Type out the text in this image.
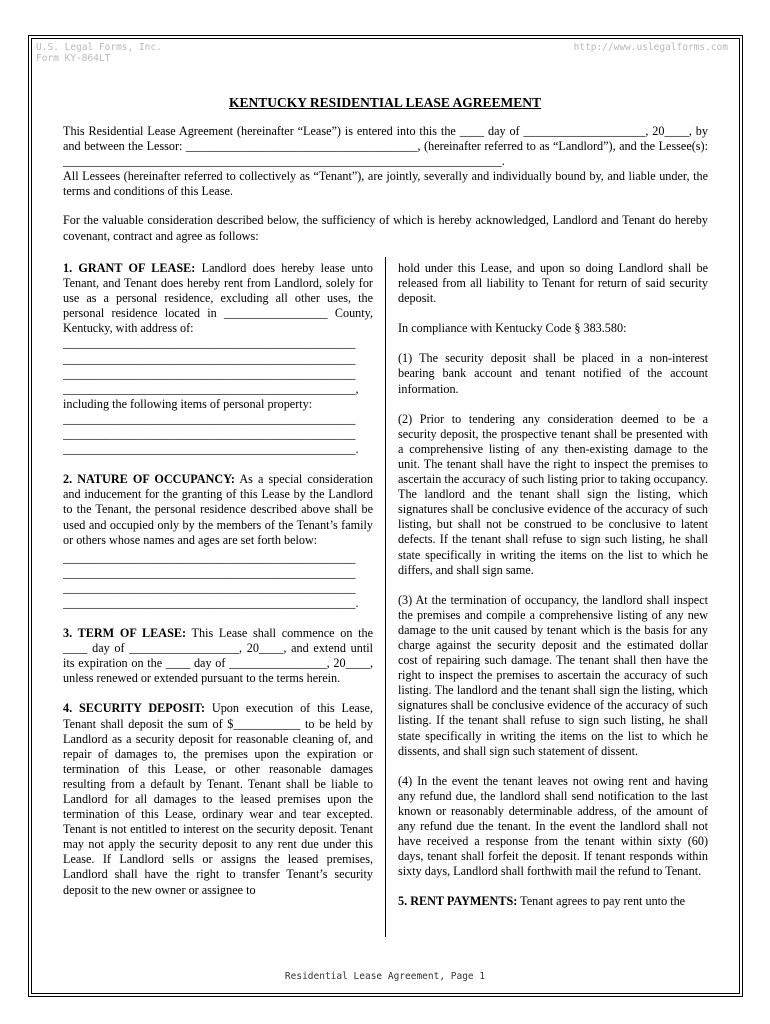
U.S. Legal Forms, Inc.
Form KY-864LT
http://www.uslegalforms.com
KENTUCKY RESIDENTIAL LEASE AGREEMENT

This Residential Lease Agreement (hereinafter “Lease”) is entered into this the ____ day of ____________________, 20____, by and between the Lessor: ______________________________________, (hereinafter referred to as “Landlord”), and the Lessee(s): ________________________________________________________________________.

All Lessees (hereinafter referred to collectively as “Tenant”), are jointly, severally and individually bound by, and liable under, the terms and conditions of this Lease.

For the valuable consideration described below, the sufficiency of which is hereby acknowledged, Landlord and Tenant do hereby covenant, contract and agree as follows:

1. GRANT OF LEASE: Landlord does hereby lease unto Tenant, and Tenant does hereby rent from Landlord, solely for use as a personal residence, excluding all other uses, the personal residence located in _________________ County, Kentucky, with address of:

________________________________________________
________________________________________________
________________________________________________
________________________________________________,
including the following items of personal property:
________________________________________________
________________________________________________
________________________________________________.

2. NATURE OF OCCUPANCY: As a special consideration and inducement for the granting of this Lease by the Landlord to the Tenant, the personal residence described above shall be used and occupied only by the members of the Tenant’s family or others whose names and ages are set forth below:

________________________________________________
________________________________________________
________________________________________________
________________________________________________.

3. TERM OF LEASE: This Lease shall commence on the ____ day of __________________, 20____, and extend until its expiration on the ____ day of ________________, 20____, unless renewed or extended pursuant to the terms herein.

4. SECURITY DEPOSIT: Upon execution of this Lease, Tenant shall deposit the sum of $___________ to be held by Landlord as a security deposit for reasonable cleaning of, and repair of damages to, the premises upon the expiration or termination of this Lease, or other reasonable damages resulting from a default by Tenant. Tenant shall be liable to Landlord for all damages to the leased premises upon the termination of this Lease, ordinary wear and tear excepted. Tenant is not entitled to interest on the security deposit. Tenant may not apply the security deposit to any rent due under this Lease. If Landlord sells or assigns the leased premises, Landlord shall have the right to transfer Tenant’s security deposit to the new owner or assignee to

hold under this Lease, and upon so doing Landlord shall be released from all liability to Tenant for return of said security deposit.

In compliance with Kentucky Code § 383.580:

(1) The security deposit shall be placed in a non-interest bearing bank account and tenant notified of the account information.

(2) Prior to tendering any consideration deemed to be a security deposit, the prospective tenant shall be presented with a comprehensive listing of any then-existing damage to the unit. The tenant shall have the right to inspect the premises to ascertain the accuracy of such listing prior to taking occupancy. The landlord and the tenant shall sign the listing, which signatures shall be conclusive evidence of the accuracy of such listing, but shall not be construed to be conclusive to latent defects. If the tenant shall refuse to sign such listing, he shall state specifically in writing the items on the list to which he differs, and shall sign same.

(3) At the termination of occupancy, the landlord shall inspect the premises and compile a comprehensive listing of any new damage to the unit caused by tenant which is the basis for any charge against the security deposit and the estimated dollar cost of repairing such damage. The tenant shall then have the right to inspect the premises to ascertain the accuracy of such listing. The landlord and the tenant shall sign the listing, which signatures shall be conclusive evidence of the accuracy of such listing. If the tenant shall refuse to sign such listing, he shall state specifically in writing the items on the list to which he dissents, and shall sign such statement of dissent.

(4) In the event the tenant leaves not owing rent and having any refund due, the landlord shall send notification to the last known or reasonably determinable address, of the amount of any refund due the tenant. In the event the landlord shall not have received a response from the tenant within sixty (60) days, tenant shall forfeit the deposit. If tenant responds within sixty days, Landlord shall forthwith mail the refund to Tenant.

5. RENT PAYMENTS: Tenant agrees to pay rent unto the

Residential Lease Agreement, Page 1
